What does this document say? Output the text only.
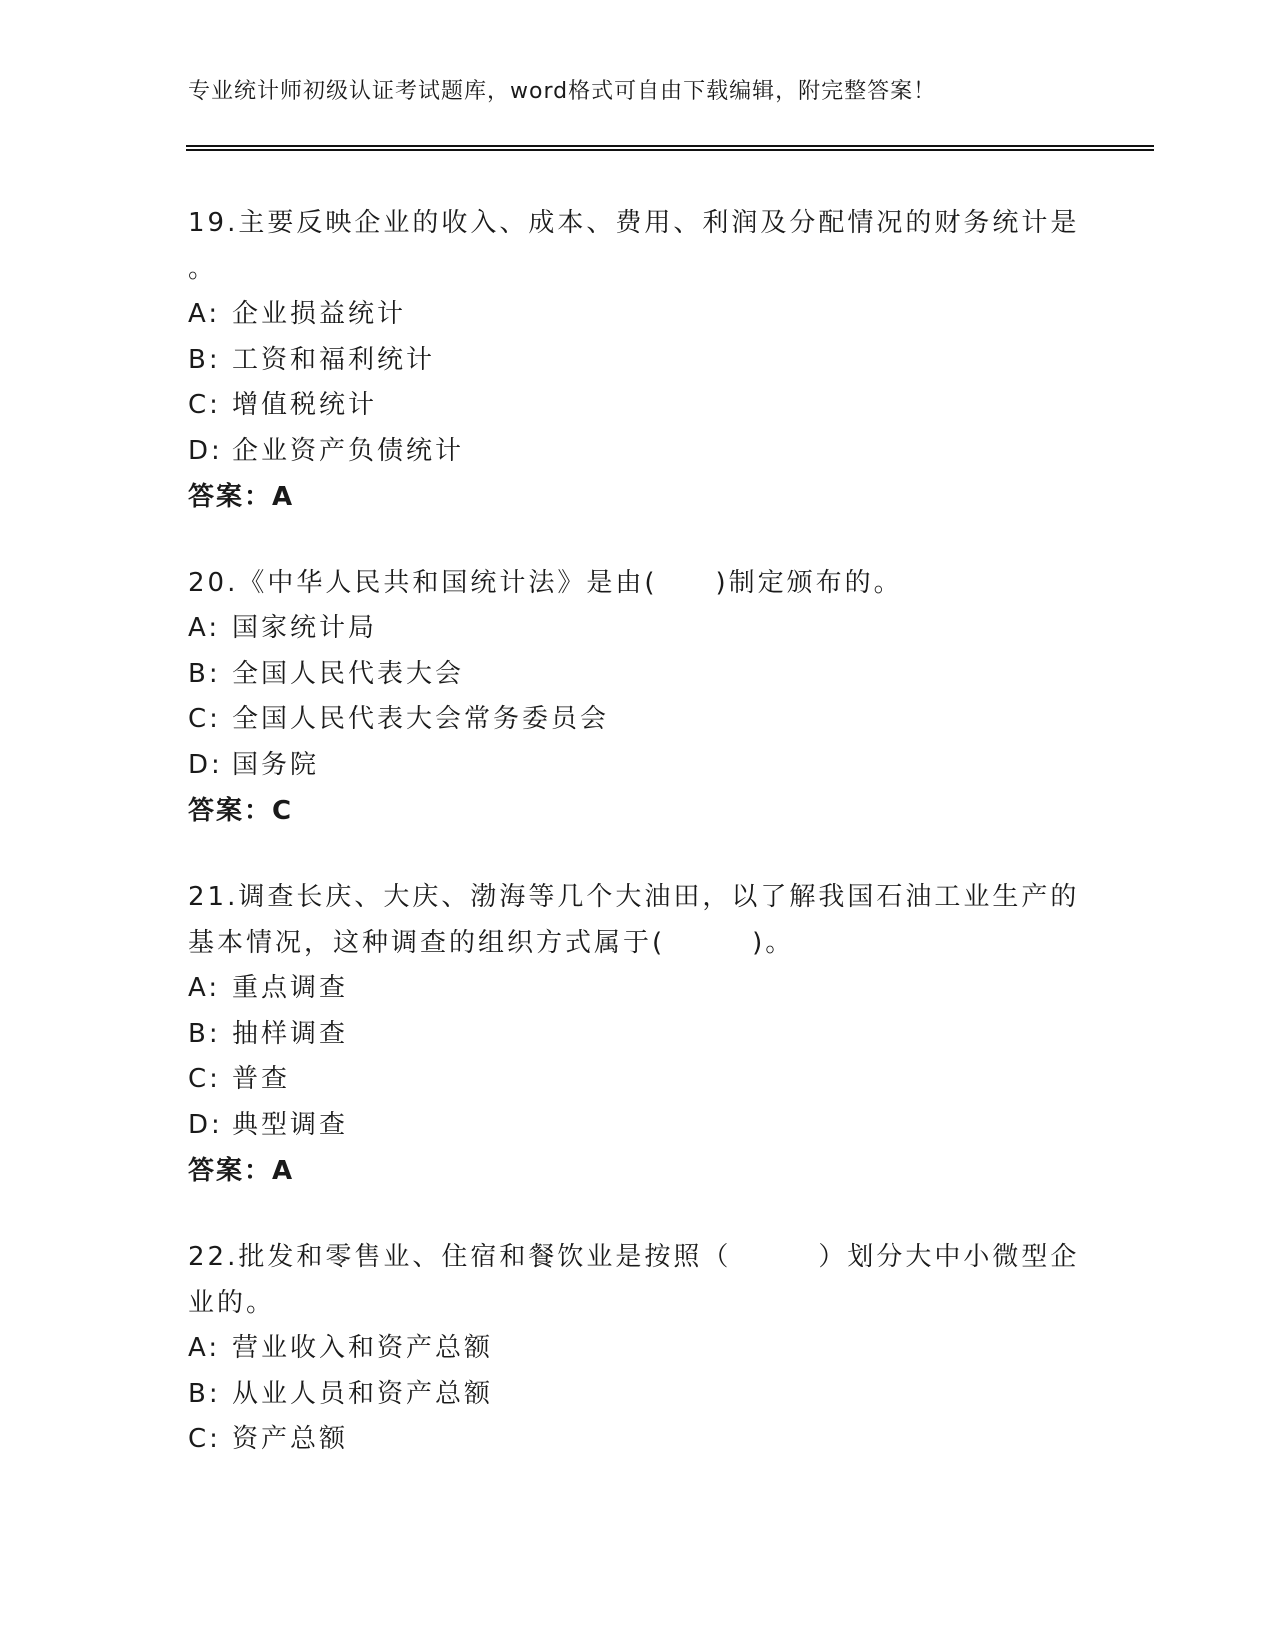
专业统计师初级认证考试题库，word格式可自由下载编辑，附完整答案！
19.主要反映企业的收入、成本、费用、利润及分配情况的财务统计是 。
A: 企业损益统计
B: 工资和福利统计
C: 增值税统计
D: 企业资产负债统计
答案：A
20.《中华人民共和国统计法》是由(　　)制定颁布的。
A: 国家统计局
B: 全国人民代表大会
C: 全国人民代表大会常务委员会
D: 国务院
答案：C
21.调查长庆、大庆、渤海等几个大油田，以了解我国石油工业生产的基本情况，这种调查的组织方式属于(　　　)。
A: 重点调查
B: 抽样调查
C: 普查
D: 典型调查
答案：A
22.批发和零售业、住宿和餐饮业是按照（　　　）划分大中小微型企业的。
A: 营业收入和资产总额
B: 从业人员和资产总额
C: 资产总额
